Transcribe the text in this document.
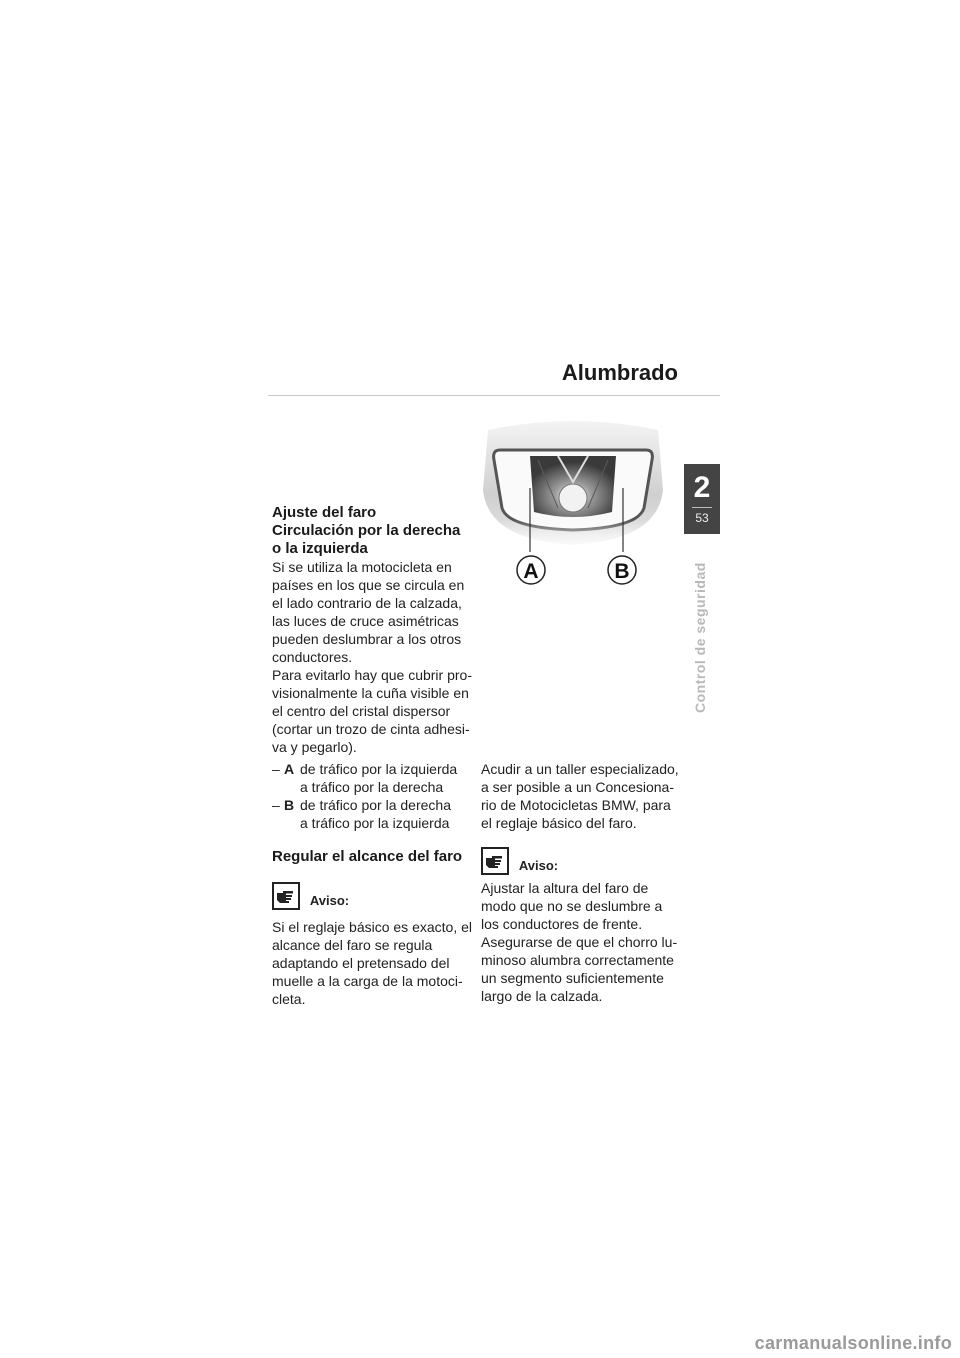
Alumbrado
2
53
Control de seguridad
A	B
Ajuste del faro
Circulación por la derecha
o la izquierda

Si se utiliza la motocicleta en
países en los que se circula en
el lado contrario de la calzada,
las luces de cruce asimétricas
pueden deslumbrar a los otros
conductores.
Para evitarlo hay que cubrir pro-
visionalmente la cuña visible en
el centro del cristal dispersor
(cortar un trozo de cinta adhesi-
va y pegarlo).

– A de tráfico por la izquierda
a tráfico por la derecha
– B de tráfico por la derecha
a tráfico por la izquierda
Regular el alcance del faro
Aviso:

Si el reglaje básico es exacto, el
alcance del faro se regula
adaptando el pretensado del
muelle a la carga de la motoci-
cleta.

Acudir a un taller especializado,
a ser posible a un Concesiona-
rio de Motocicletas BMW, para
el reglaje básico del faro.
Aviso:

Ajustar la altura del faro de
modo que no se deslumbre a
los conductores de frente.
Asegurarse de que el chorro lu-
minoso alumbra correctamente
un segmento suficientemente
largo de la calzada.

carmanualsonline.info
